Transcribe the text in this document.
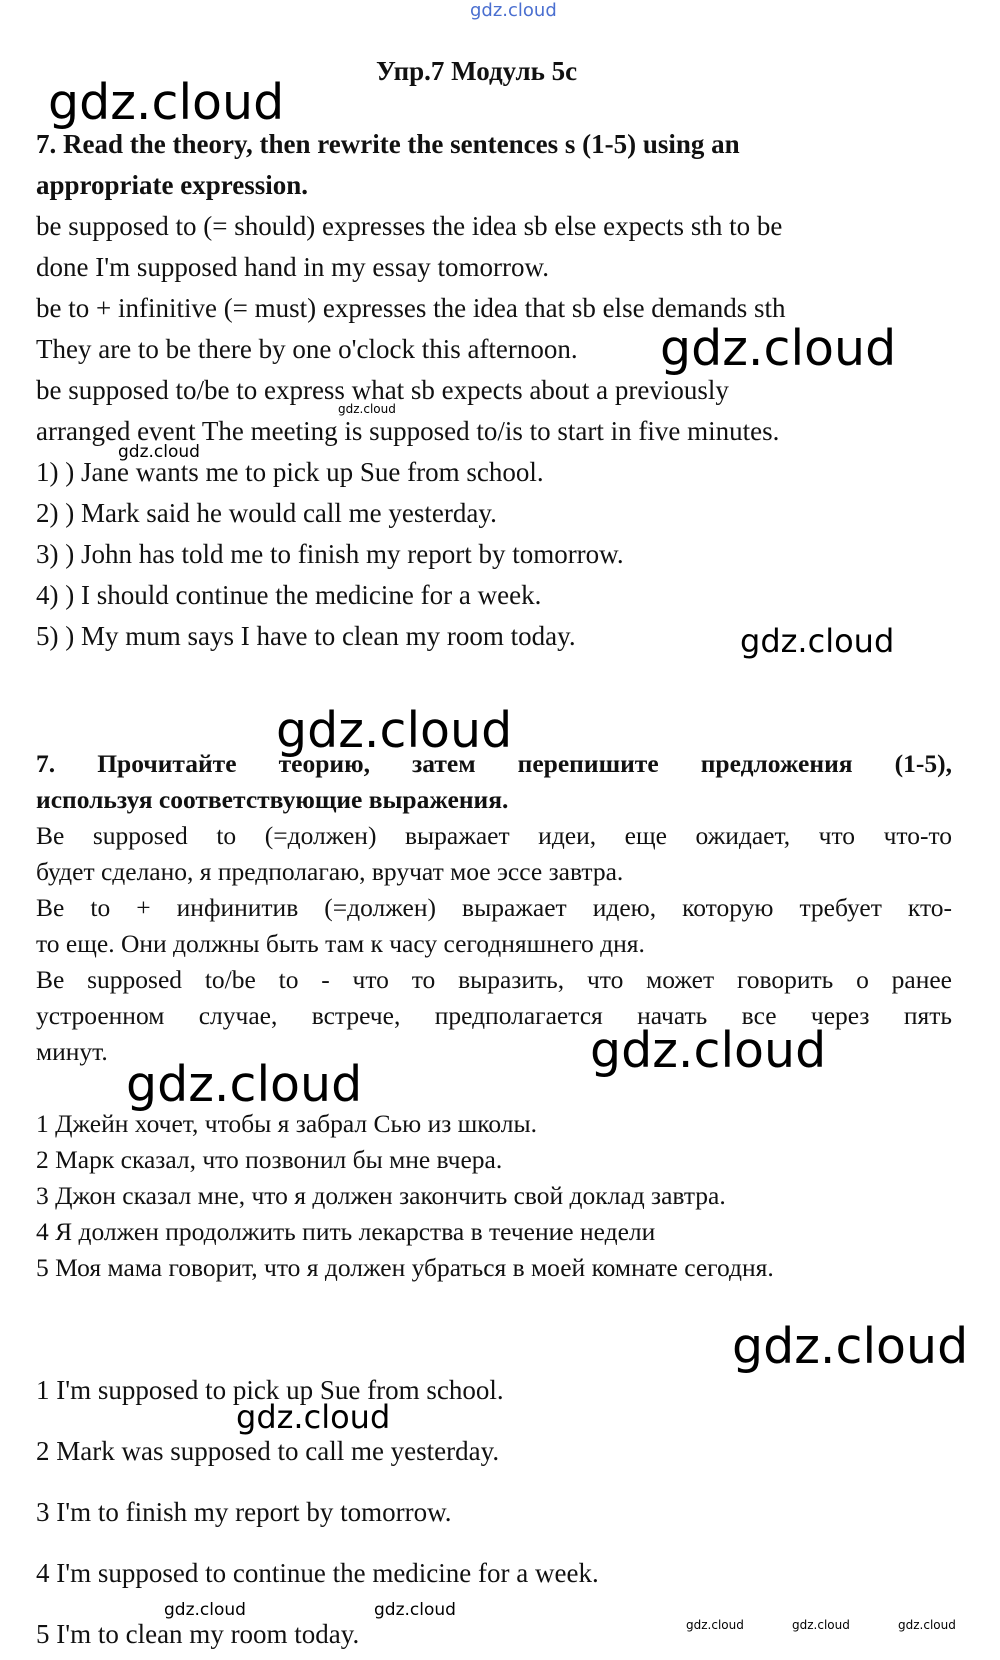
Упр.7 Модуль 5с
7. Read the theory, then rewrite the sentences s (1-5) using an
appropriate expression.
be supposed to (= should) expresses the idea sb else expects sth to be
done I'm supposed hand in my essay tomorrow.
be to + infinitive (= must) expresses the idea that sb else demands sth
They are to be there by one o'clock this afternoon.
be supposed to/be to express what sb expects about a previously
arranged event The meeting is supposed to/is to start in five minutes.
1) ) Jane wants me to pick up Sue from school.
2) ) Mark said he would call me yesterday.
3) ) John has told me to finish my report by tomorrow.
4) ) I should continue the medicine for a week.
5) ) My mum says I have to clean my room today.
7. Прочитайте теорию, затем перепишите предложения (1-5),
используя соответствующие выражения.
Be supposed to (=должен) выражает идеи, еще ожидает, что что-то
будет сделано, я предполагаю, вручат мое эссе завтра.
Be to + инфинитив (=должен) выражает идею, которую требует кто-
то еще. Они должны быть там к часу сегодняшнего дня.
Be supposed to/be to - что то выразить, что может говорить о ранее
устроенном случае, встрече, предполагается начать все через пять
минут.
1 Джейн хочет, чтобы я забрал Сью из школы.
2 Марк сказал, что позвонил бы мне вчера.
3 Джон сказал мне, что я должен закончить свой доклад завтра.
4 Я должен продолжить пить лекарства в течение недели
5 Моя мама говорит, что я должен убраться в моей комнате сегодня.
1 I'm supposed to pick up Sue from school.
2 Mark was supposed to call me yesterday.
3 I'm to finish my report by tomorrow.
4 I'm supposed to continue the medicine for a week.
5 I'm to clean my room today.
gdz.cloud
gdz.cloud
gdz.cloud
gdz.cloud
gdz.cloud
gdz.cloud
gdz.cloud
gdz.cloud
gdz.cloud
gdz.cloud
gdz.cloud
gdz.cloud	gdz.cloud
gdz.cloud	gdz.cloud	gdz.cloud
